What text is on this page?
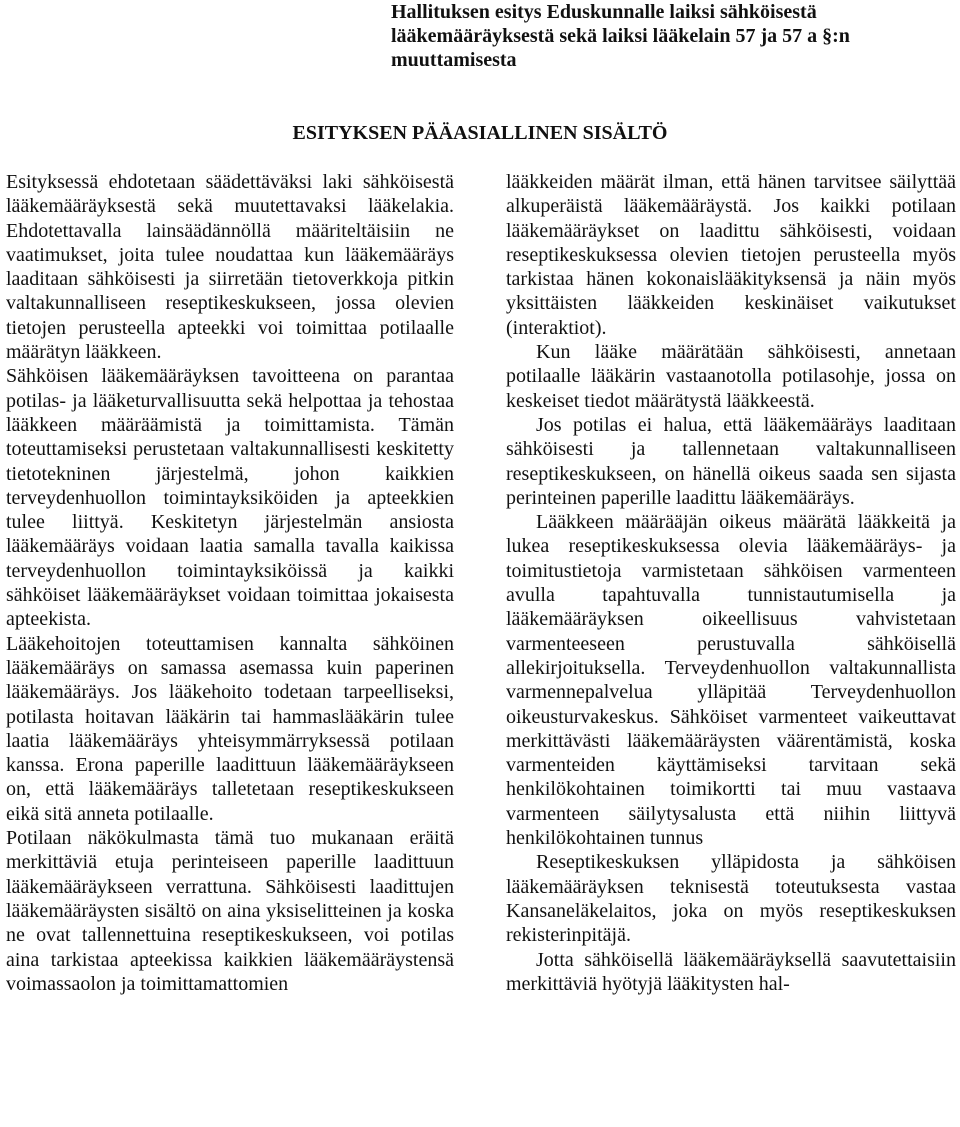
Hallituksen esitys Eduskunnalle laiksi sähköisestä lääkemääräyksestä sekä laiksi lääkelain 57 ja 57 a §:n muuttamisesta
ESITYKSEN PÄÄASIALLINEN SISÄLTÖ

Esityksessä ehdotetaan säädettäväksi laki sähköisestä lääkemääräyksestä sekä muutettavaksi lääkelakia. Ehdotettavalla lainsäädännöllä määriteltäisiin ne vaatimukset, joita tulee noudattaa kun lääkemääräys laaditaan sähköisesti ja siirretään tietoverkkoja pitkin valtakunnalliseen reseptikeskukseen, jossa olevien tietojen perusteella apteekki voi toimittaa potilaalle määrätyn lääkkeen.

Sähköisen lääkemääräyksen tavoitteena on parantaa potilas- ja lääketurvallisuutta sekä helpottaa ja tehostaa lääkkeen määräämistä ja toimittamista. Tämän toteuttamiseksi perustetaan valtakunnallisesti keskitetty tietotekninen järjestelmä, johon kaikkien terveydenhuollon toimintayksiköiden ja apteekkien tulee liittyä. Keskitetyn järjestelmän ansiosta lääkemääräys voidaan laatia samalla tavalla kaikissa terveydenhuollon toimintayksiköissä ja kaikki sähköiset lääkemääräykset voidaan toimittaa jokaisesta apteekista.

Lääkehoitojen toteuttamisen kannalta sähköinen lääkemääräys on samassa asemassa kuin paperinen lääkemääräys. Jos lääkehoito todetaan tarpeelliseksi, potilasta hoitavan lääkärin tai hammaslääkärin tulee laatia lääkemääräys yhteisymmärryksessä potilaan kanssa. Erona paperille laadittuun lääkemääräykseen on, että lääkemääräys talletetaan reseptikeskukseen eikä sitä anneta potilaalle.

Potilaan näkökulmasta tämä tuo mukanaan eräitä merkittäviä etuja perinteiseen paperille laadittuun lääkemääräykseen verrattuna. Sähköisesti laadittujen lääkemääräysten sisältö on aina yksiselitteinen ja koska ne ovat tallennettuina reseptikeskukseen, voi potilas aina tarkistaa apteekissa kaikkien lääkemääräystensä voimassaolon ja toimittamattomien

lääkkeiden määrät ilman, että hänen tarvitsee säilyttää alkuperäistä lääkemääräystä. Jos kaikki potilaan lääkemääräykset on laadittu sähköisesti, voidaan reseptikeskuksessa olevien tietojen perusteella myös tarkistaa hänen kokonaislääkityksensä ja näin myös yksittäisten lääkkeiden keskinäiset vaikutukset (interaktiot).

Kun lääke määrätään sähköisesti, annetaan potilaalle lääkärin vastaanotolla potilasohje, jossa on keskeiset tiedot määrätystä lääkkeestä.

Jos potilas ei halua, että lääkemääräys laaditaan sähköisesti ja tallennetaan valtakunnalliseen reseptikeskukseen, on hänellä oikeus saada sen sijasta perinteinen paperille laadittu lääkemääräys.

Lääkkeen määrääjän oikeus määrätä lääkkeitä ja lukea reseptikeskuksessa olevia lääkemääräys- ja toimitustietoja varmistetaan sähköisen varmenteen avulla tapahtuvalla tunnistautumisella ja lääkemääräyksen oikeellisuus vahvistetaan varmenteeseen perustuvalla sähköisellä allekirjoituksella. Terveydenhuollon valtakunnallista varmennepalvelua ylläpitää Terveydenhuollon oikeusturvakeskus. Sähköiset varmenteet vaikeuttavat merkittävästi lääkemääräysten väärentämistä, koska varmenteiden käyttämiseksi tarvitaan sekä henkilökohtainen toimikortti tai muu vastaava varmenteen säilytysalusta että niihin liittyvä henkilökohtainen tunnus

Reseptikeskuksen ylläpidosta ja sähköisen lääkemääräyksen teknisestä toteutuksesta vastaa Kansaneläkelaitos, joka on myös reseptikeskuksen rekisterinpitäjä.

Jotta sähköisellä lääkemääräyksellä saavutettaisiin merkittäviä hyötyjä lääkitysten hal-
